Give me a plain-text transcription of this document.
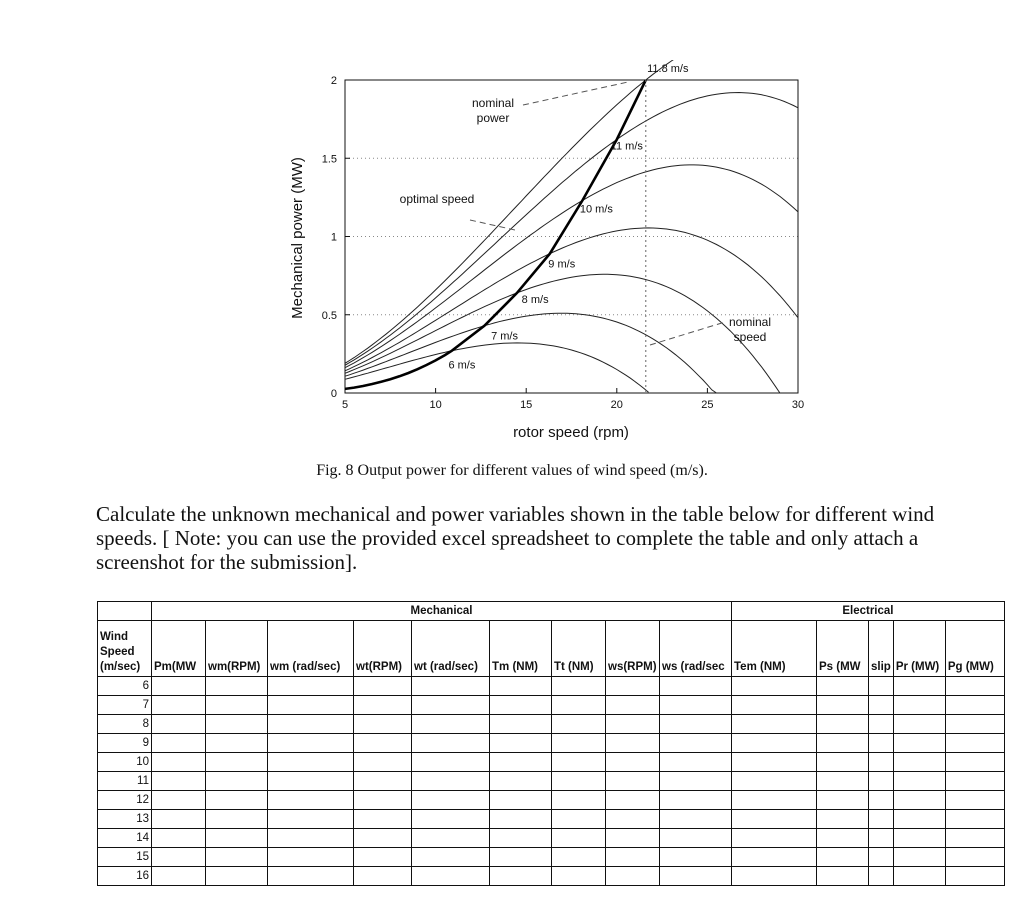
0
0.5
1
1.5
2
5	10	15	20	25	30
nominal
power
optimal speed
nominal
speed
6 m/s
7 m/s
8 m/s
9 m/s
10 m/s
11 m/s
11.8 m/s
rotor speed (rpm)
Mechanical power (MW)
Fig. 8 Output power for different values of wind speed (m/s).
Calculate the unknown mechanical and power variables shown in the table below for different wind speeds. [ Note: you can use the provided excel spreadsheet to complete the table and only attach a screenshot for the submission].
	Mechanical									Electrical				
Wind
Speed
(m/sec)	Pm(MW	wm(RPM)	wm (rad/sec)	wt(RPM)	wt (rad/sec)	Tm (NM)	Tt (NM)	ws(RPM)	ws (rad/sec	Tem (NM)	Ps (MW	slip	Pr (MW)	Pg (MW)
6														
7														
8														
9														
10														
11														
12														
13														
14														
15														
16														
